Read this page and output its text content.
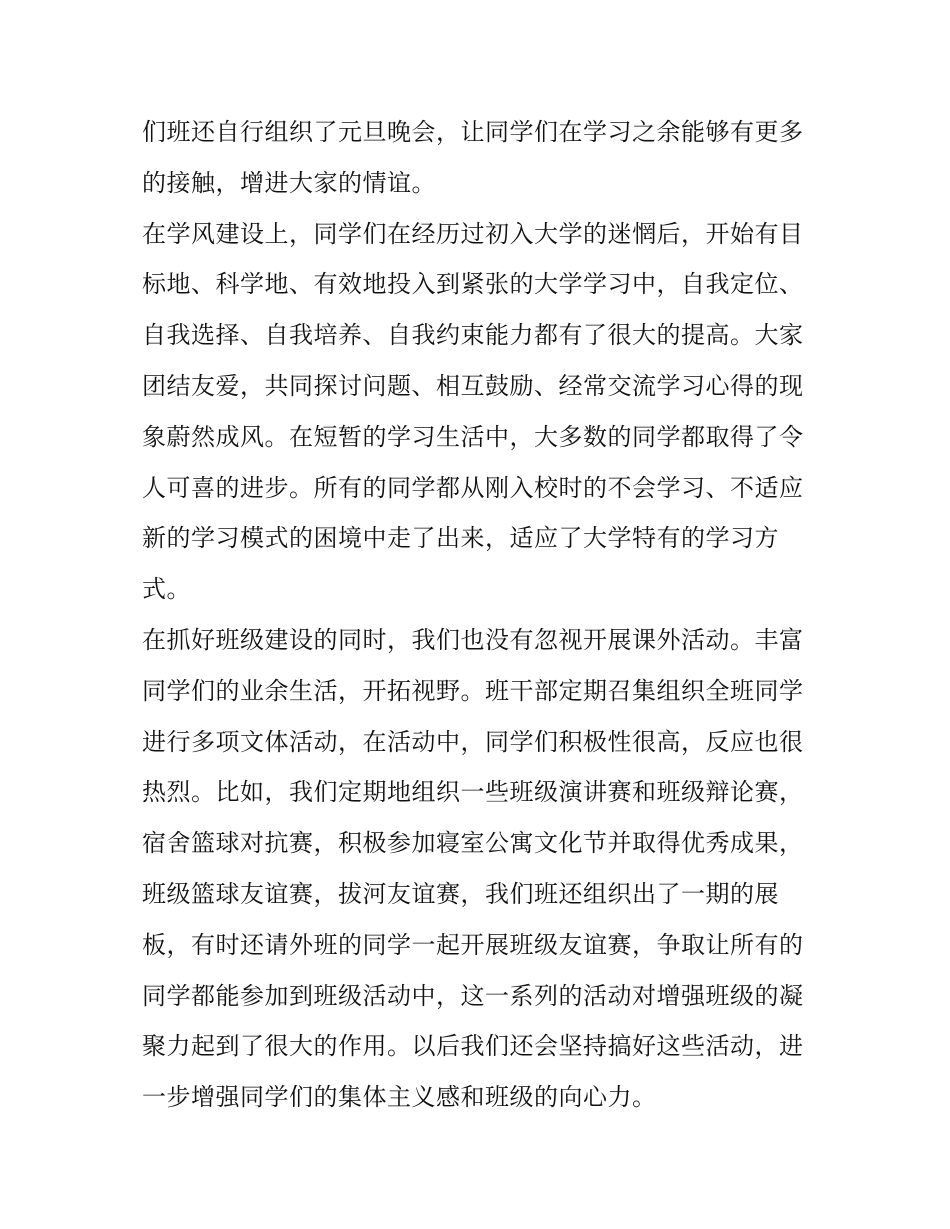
们班还自行组织了元旦晚会，让同学们在学习之余能够有更多
的接触，增进大家的情谊。
在学风建设上，同学们在经历过初入大学的迷惘后，开始有目
标地、科学地、有效地投入到紧张的大学学习中，自我定位、
自我选择、自我培养、自我约束能力都有了很大的提高。大家
团结友爱，共同探讨问题、相互鼓励、经常交流学习心得的现
象蔚然成风。在短暂的学习生活中，大多数的同学都取得了令
人可喜的进步。所有的同学都从刚入校时的不会学习、不适应
新的学习模式的困境中走了出来，适应了大学特有的学习方
式。
在抓好班级建设的同时，我们也没有忽视开展课外活动。丰富
同学们的业余生活，开拓视野。班干部定期召集组织全班同学
进行多项文体活动，在活动中，同学们积极性很高，反应也很
热烈。比如，我们定期地组织一些班级演讲赛和班级辩论赛，
宿舍篮球对抗赛，积极参加寝室公寓文化节并取得优秀成果，
班级篮球友谊赛，拔河友谊赛，我们班还组织出了一期的展
板，有时还请外班的同学一起开展班级友谊赛，争取让所有的
同学都能参加到班级活动中，这一系列的活动对增强班级的凝
聚力起到了很大的作用。以后我们还会坚持搞好这些活动，进
一步增强同学们的集体主义感和班级的向心力。
